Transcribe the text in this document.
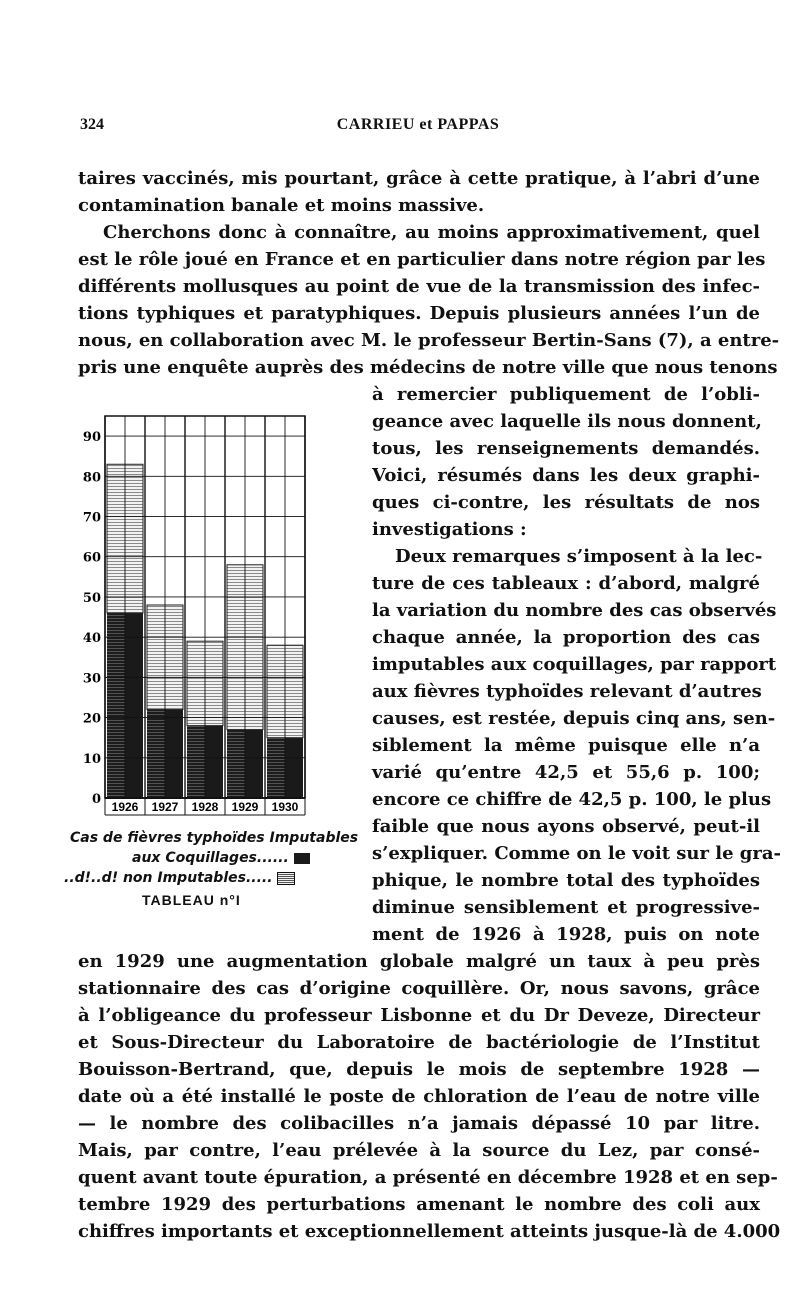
324	CARRIEU et PAPPAS
taires vaccinés, mis pourtant, grâce à cette pratique, à l’abri d’une
contamination banale et moins massive.
Cherchons donc à connaître, au moins approximativement, quel
est le rôle joué en France et en particulier dans notre région par les
différents mollusques au point de vue de la transmission des infec-
tions typhiques et paratyphiques. Depuis plusieurs années l’un de
nous, en collaboration avec M. le professeur Bertin-Sans (7), a entre-
pris une enquête auprès des médecins de notre ville que nous tenons
à remercier publiquement de l’obli-
geance avec laquelle ils nous donnent,
tous, les renseignements demandés.
Voici, résumés dans les deux graphi-
ques ci-contre, les résultats de nos
investigations :
Deux remarques s’imposent à la lec-
ture de ces tableaux : d’abord, malgré
la variation du nombre des cas observés
chaque année, la proportion des cas
imputables aux coquillages, par rapport
aux fièvres typhoïdes relevant d’autres
causes, est restée, depuis cinq ans, sen-
siblement la même puisque elle n’a
varié qu’entre 42,5 et 55,6 p. 100;
encore ce chiffre de 42,5 p. 100, le plus
faible que nous ayons observé, peut-il
s’expliquer. Comme on le voit sur le gra-
phique, le nombre total des typhoïdes
diminue sensiblement et progressive-
ment de 1926 à 1928, puis on note
en 1929 une augmentation globale malgré un taux à peu près
stationnaire des cas d’origine coquillère. Or, nous savons, grâce
à l’obligeance du professeur Lisbonne et du Dr Deveze, Directeur
et Sous-Directeur du Laboratoire de bactériologie de l’Institut
Bouisson-Bertrand, que, depuis le mois de septembre 1928 —
date où a été installé le poste de chloration de l’eau de notre ville
— le nombre des colibacilles n’a jamais dépassé 10 par litre.
Mais, par contre, l’eau prélevée à la source du Lez, par consé-
quent avant toute épuration, a présenté en décembre 1928 et en sep-
tembre 1929 des perturbations amenant le nombre des coli aux
chiffres importants et exceptionnellement atteints jusque-là de 4.000
0
10
20
30
40
50
60
70
80
90
1926 1927 1928 1929 1930
Cas de fièvres typhoïdes Imputables
aux Coquillages......
..d!..d! non Imputables.....
TABLEAU n°I
